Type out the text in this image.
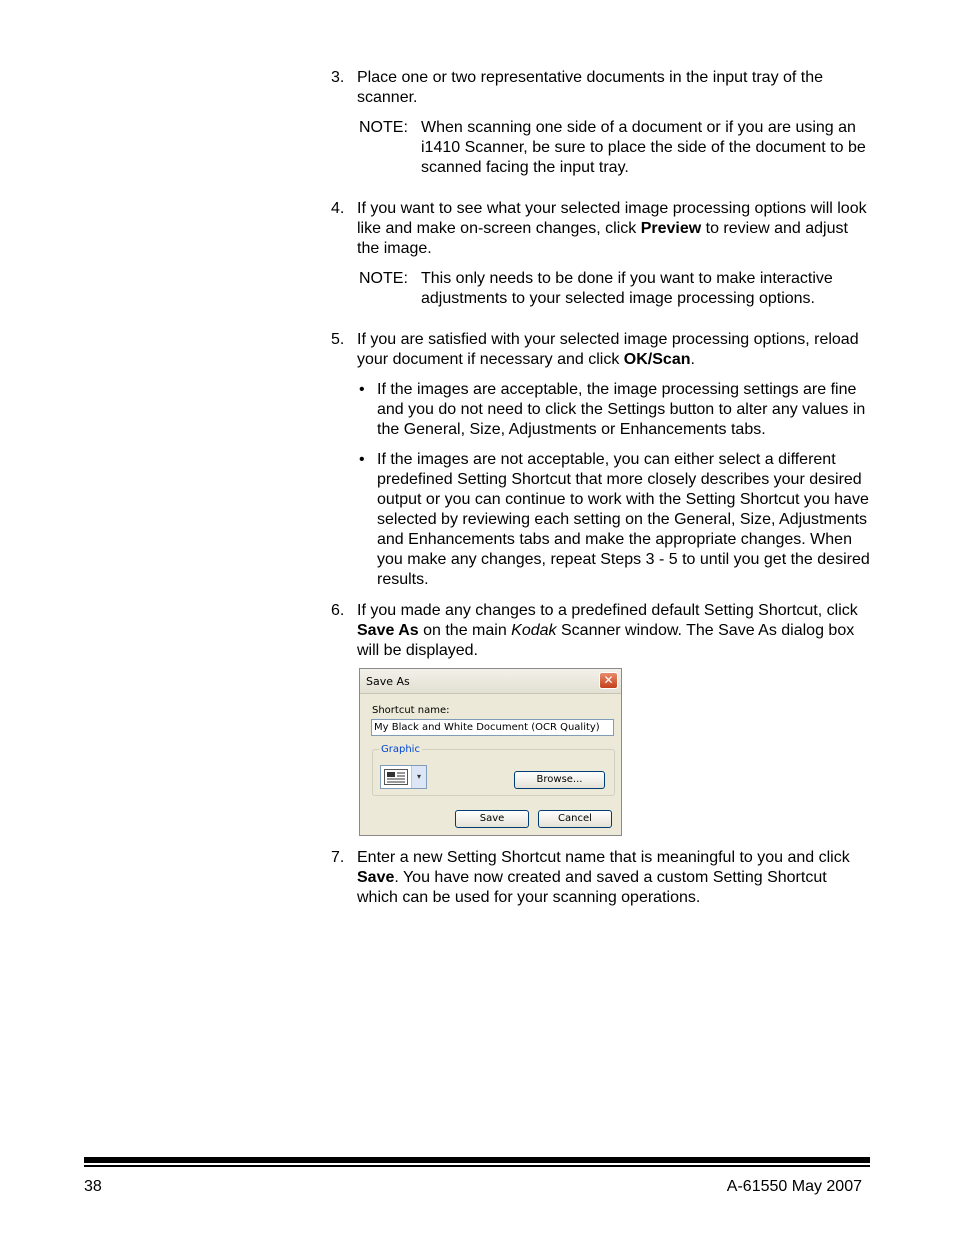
3. Place one or two representative documents in the input tray of the scanner.
NOTE: When scanning one side of a document or if you are using an i1410 Scanner, be sure to place the side of the document to be scanned facing the input tray.
4. If you want to see what your selected image processing options will look like and make on-screen changes, click Preview to review and adjust the image.
NOTE: This only needs to be done if you want to make interactive adjustments to your selected image processing options.
5. If you are satisfied with your selected image processing options, reload your document if necessary and click OK/Scan.
• If the images are acceptable, the image processing settings are fine and you do not need to click the Settings button to alter any values in the General, Size, Adjustments or Enhancements tabs.
• If the images are not acceptable, you can either select a different predefined Setting Shortcut that more closely describes your desired output or you can continue to work with the Setting Shortcut you have selected by reviewing each setting on the General, Size, Adjustments and Enhancements tabs and make the appropriate changes. When you make any changes, repeat Steps 3 - 5 to until you get the desired results.
6. If you made any changes to a predefined default Setting Shortcut, click Save As on the main Kodak Scanner window. The Save As dialog box will be displayed.
Save As	✕
Shortcut name:
My Black and White Document (OCR Quality)
Graphic
▾	Browse...
Save	Cancel
7. Enter a new Setting Shortcut name that is meaningful to you and click Save. You have now created and saved a custom Setting Shortcut which can be used for your scanning operations.
38	A-61550 May 2007
